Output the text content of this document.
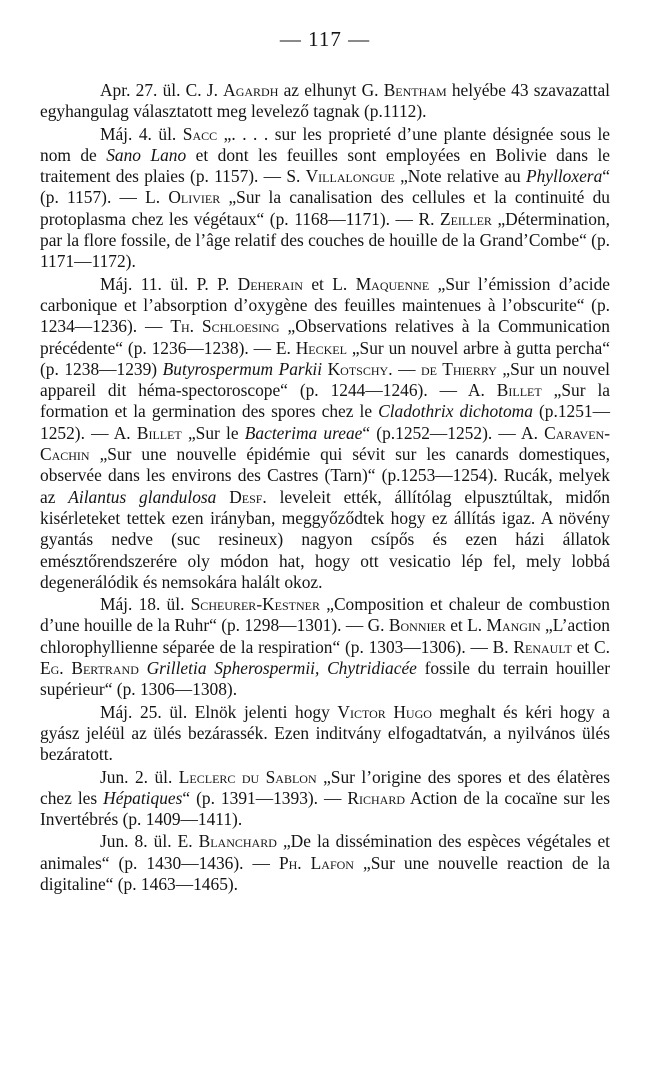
— 117 —

Apr. 27. ül. C. J. Agardh az elhunyt G. Bentham helyébe 43 szavazattal egyhangulag választatott meg levelező tagnak (p.1112).

Máj. 4. ül. Sacc „. . . . sur les proprieté d’une plante désignée sous le nom de Sano Lano et dont les feuilles sont employées en Bolivie dans le traitement des plaies (p. 1157). — S. Villalongue „Note relative au Phylloxera“ (p. 1157). — L. Olivier „Sur la canalisation des cellules et la continuité du protoplasma chez les végétaux“ (p. 1168—1171). — R. Zeiller „Détermination, par la flore fossile, de l’âge relatif des couches de houille de la Grand’Combe“ (p. 1171—1172).

Máj. 11. ül. P. P. Deherain et L. Maquenne „Sur l’émission d’acide carbonique et l’absorption d’oxygène des feuilles maintenues à l’obscurite“ (p. 1234—1236). — Th. Schloesing „Observations relatives à la Communication précédente“ (p. 1236—1238). — E. Heckel „Sur un nouvel arbre à gutta percha“ (p. 1238—1239) Butyrospermum Parkii Kotschy. — de Thierry „Sur un nouvel appareil dit héma-spectoroscope“ (p. 1244—1246). — A. Billet „Sur la formation et la germination des spores chez le Cladothrix dichotoma (p.1251—1252). — A. Billet „Sur le Bacterima ureae“ (p.1252—1252). — A. Caraven-Cachin „Sur une nouvelle épidémie qui sévit sur les canards domestiques, observée dans les environs des Castres (Tarn)“ (p.1253—1254). Rucák, melyek az Ailantus glandulosa Desf. leveleit ették, állítólag elpusztúltak, midőn kisérleteket tettek ezen irányban, meggyőződtek hogy ez állítás igaz. A növény gyantás nedve (suc resineux) nagyon csípős és ezen házi állatok emésztőrendszerére oly módon hat, hogy ott vesicatio lép fel, mely lobbá degenerálódik és nemsokára halált okoz.

Máj. 18. ül. Scheurer-Kestner „Composition et chaleur de combustion d’une houille de la Ruhr“ (p. 1298—1301). — G. Bonnier et L. Mangin „L’action chlorophyllienne séparée de la respiration“ (p. 1303—1306). — B. Renault et C. Eg. Bertrand Grilletia Spherospermii, Chytridiacée fossile du terrain houiller supérieur“ (p. 1306—1308).

Máj. 25. ül. Elnök jelenti hogy Victor Hugo meghalt és kéri hogy a gyász jeléül az ülés bezárassék. Ezen inditvány elfogadtatván, a nyilvános ülés bezáratott.

Jun. 2. ül. Leclerc du Sablon „Sur l’origine des spores et des élatères chez les Hépatiques“ (p. 1391—1393). — Richard Action de la cocaïne sur les Invertébrés (p. 1409—1411).

Jun. 8. ül. E. Blanchard „De la dissémination des espèces végétales et animales“ (p. 1430—1436). — Ph. Lafon „Sur une nouvelle reaction de la digitaline“ (p. 1463—1465).
